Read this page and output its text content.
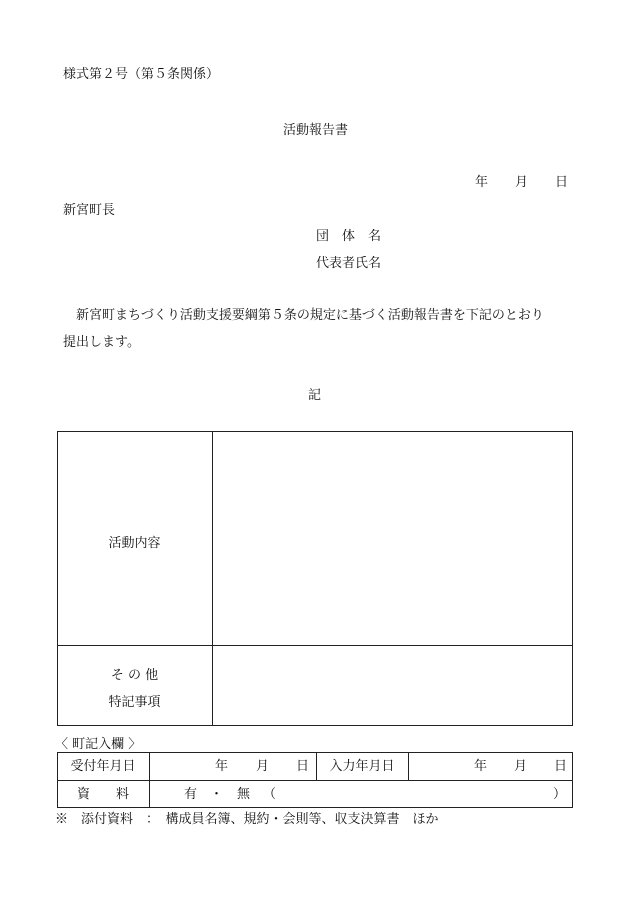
様式第２号（第５条関係）
活動報告書
年 月 日
新宮町長
団　体　名
代表者氏名
新宮町まちづくり活動支援要綱第５条の規定に基づく活動報告書を下記のとおり
提出します。
記
活動内容
そ の 他
特記事項
〈 町記入欄 〉
受付年月日	年 月 日	入力年月日	年 月 日
資　　料	有 ・ 無 （	）
※　添付資料　：　構成員名簿、規約・会則等、収支決算書　ほか
